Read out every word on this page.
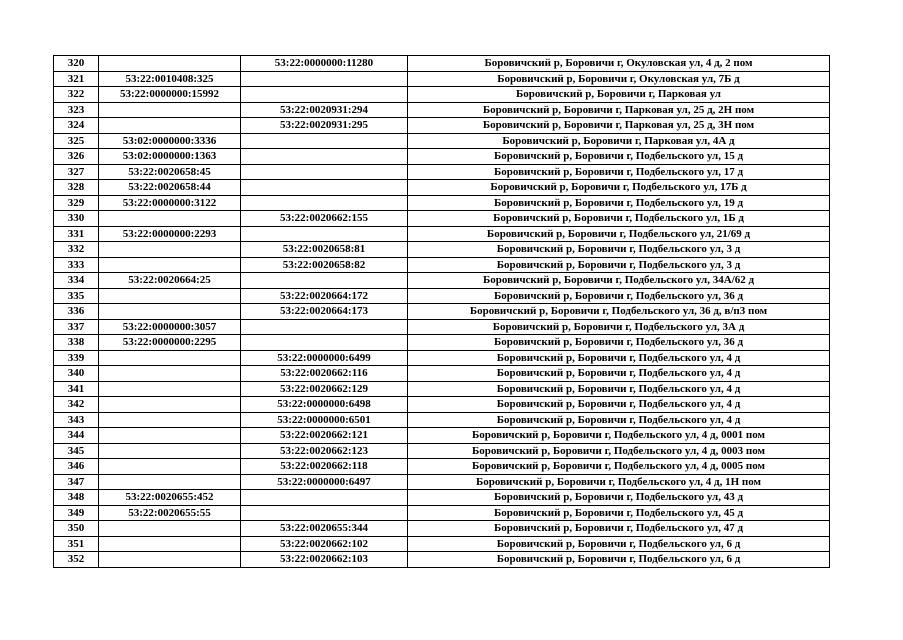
320		53:22:0000000:11280	Боровичский р, Боровичи г, Окуловская ул, 4 д, 2 пом
321	53:22:0010408:325		Боровичский р, Боровичи г, Окуловская ул, 7Б д
322	53:22:0000000:15992		Боровичский р, Боровичи г, Парковая ул
323		53:22:0020931:294	Боровичский р, Боровичи г, Парковая ул, 25 д, 2Н пом
324		53:22:0020931:295	Боровичский р, Боровичи г, Парковая ул, 25 д, 3Н пом
325	53:02:0000000:3336		Боровичский р, Боровичи г, Парковая ул, 4А д
326	53:02:0000000:1363		Боровичский р, Боровичи г, Подбельского ул, 15 д
327	53:22:0020658:45		Боровичский р, Боровичи г, Подбельского ул, 17 д
328	53:22:0020658:44		Боровичский р, Боровичи г, Подбельского ул, 17Б д
329	53:22:0000000:3122		Боровичский р, Боровичи г, Подбельского ул, 19 д
330		53:22:0020662:155	Боровичский р, Боровичи г, Подбельского ул, 1Б д
331	53:22:0000000:2293		Боровичский р, Боровичи г, Подбельского ул, 21/69 д
332		53:22:0020658:81	Боровичский р, Боровичи г, Подбельского ул, 3 д
333		53:22:0020658:82	Боровичский р, Боровичи г, Подбельского ул, 3 д
334	53:22:0020664:25		Боровичский р, Боровичи г, Подбельского ул, 34А/62 д
335		53:22:0020664:172	Боровичский р, Боровичи г, Подбельского ул, 36 д
336		53:22:0020664:173	Боровичский р, Боровичи г, Подбельского ул, 36 д, в/п3 пом
337	53:22:0000000:3057		Боровичский р, Боровичи г, Подбельского ул, 3А д
338	53:22:0000000:2295		Боровичский р, Боровичи г, Подбельского ул, 36 д
339		53:22:0000000:6499	Боровичский р, Боровичи г, Подбельского ул, 4 д
340		53:22:0020662:116	Боровичский р, Боровичи г, Подбельского ул, 4 д
341		53:22:0020662:129	Боровичский р, Боровичи г, Подбельского ул, 4 д
342		53:22:0000000:6498	Боровичский р, Боровичи г, Подбельского ул, 4 д
343		53:22:0000000:6501	Боровичский р, Боровичи г, Подбельского ул, 4 д
344		53:22:0020662:121	Боровичский р, Боровичи г, Подбельского ул, 4 д, 0001 пом
345		53:22:0020662:123	Боровичский р, Боровичи г, Подбельского ул, 4 д, 0003 пом
346		53:22:0020662:118	Боровичский р, Боровичи г, Подбельского ул, 4 д, 0005 пом
347		53:22:0000000:6497	Боровичский р, Боровичи г, Подбельского ул, 4 д, 1Н пом
348	53:22:0020655:452		Боровичский р, Боровичи г, Подбельского ул, 43 д
349	53:22:0020655:55		Боровичский р, Боровичи г, Подбельского ул, 45 д
350		53:22:0020655:344	Боровичский р, Боровичи г, Подбельского ул, 47 д
351		53:22:0020662:102	Боровичский р, Боровичи г, Подбельского ул, 6 д
352		53:22:0020662:103	Боровичский р, Боровичи г, Подбельского ул, 6 д
